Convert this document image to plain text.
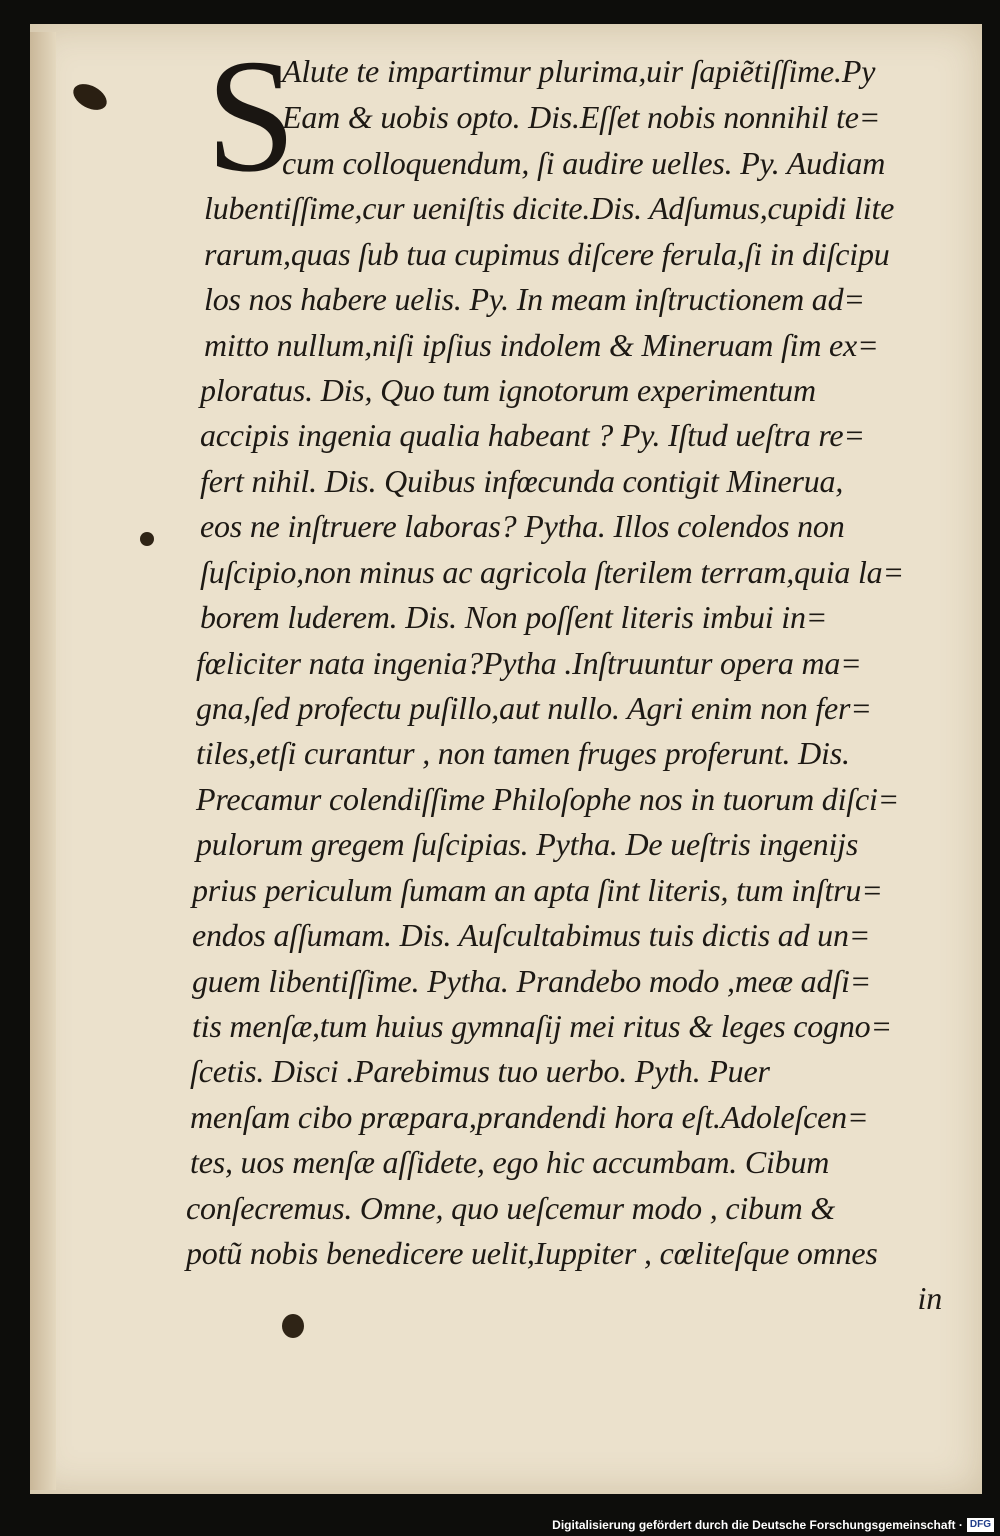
S
Alute te impartimur plurima,uir ſapiẽtiſſime.Py
Eam & uobis opto. Dis.Eſſet nobis nonnihil te=
cum colloquendum, ſi audire uelles. Py. Audiam
lubentiſſime,cur ueniſtis dicite.Dis. Adſumus,cupidi lite
rarum,quas ſub tua cupimus diſcere ferula,ſi in diſcipu
los nos habere uelis. Py. In meam inſtructionem ad=
mitto nullum,niſi ipſius indolem & Mineruam ſim ex=
ploratus. Dis, Quo tum ignotorum experimentum
accipis ingenia qualia habeant ? Py. Iſtud ueſtra re=
fert nihil. Dis. Quibus infœcunda contigit Minerua,
eos ne inſtruere laboras? Pytha. Illos colendos non
ſuſcipio,non minus ac agricola ſterilem terram,quia la=
borem luderem. Dis. Non poſſent literis imbui in=
fœliciter nata ingenia?Pytha .Inſtruuntur opera ma=
gna,ſed profectu puſillo,aut nullo. Agri enim non fer=
tiles,etſi curantur , non tamen fruges proferunt. Dis.
Precamur colendiſſime Philoſophe nos in tuorum diſci=
pulorum gregem ſuſcipias. Pytha. De ueſtris ingenijs
prius periculum ſumam an apta ſint literis, tum inſtru=
endos aſſumam. Dis. Auſcultabimus tuis dictis ad un=
guem libentiſſime. Pytha. Prandebo modo ,meæ adſi=
tis menſæ,tum huius gymnaſij mei ritus & leges cogno=
ſcetis. Disci .Parebimus tuo uerbo. Pyth. Puer
menſam cibo præpara,prandendi hora eſt.Adoleſcen=
tes, uos menſæ aſſidete, ego hic accumbam. Cibum
conſecremus. Omne, quo ueſcemur modo , cibum &
potũ nobis benedicere uelit,Iuppiter , cœliteſque omnes
in
Digitalisierung gefördert durch die Deutsche Forschungsgemeinschaft · DFG
